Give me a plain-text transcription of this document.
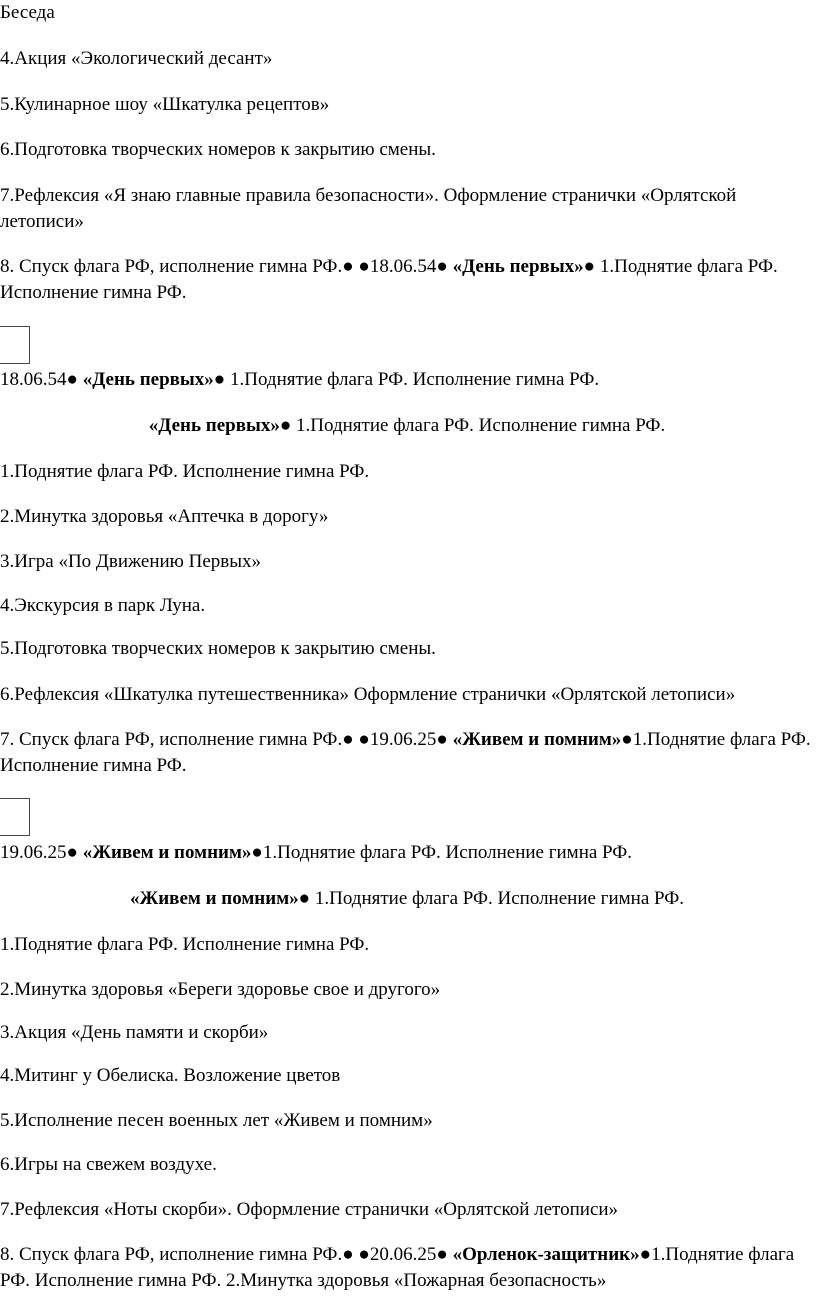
Беседа
4.Акция «Экологический десант»
5.Кулинарное шоу «Шкатулка рецептов»
6.Подготовка творческих номеров к закрытию смены.
7.Рефлексия «Я знаю главные правила безопасности». Оформление странички «Орлятской летописи»
8. Спуск флага РФ, исполнение гимна РФ.● ●18.06.54● «День первых»● 1.Поднятие флага РФ. Исполнение гимна РФ.
18.06.54● «День первых»● 1.Поднятие флага РФ. Исполнение гимна РФ.
«День первых»● 1.Поднятие флага РФ. Исполнение гимна РФ.
1.Поднятие флага РФ. Исполнение гимна РФ.
2.Минутка здоровья «Аптечка в дорогу»
3.Игра «По Движению Первых»
4.Экскурсия в парк Луна.
5.Подготовка творческих номеров к закрытию смены.
6.Рефлексия «Шкатулка путешественника» Оформление странички «Орлятской летописи»
7. Спуск флага РФ, исполнение гимна РФ.● ●19.06.25● «Живем и помним»●1.Поднятие флага РФ. Исполнение гимна РФ.
19.06.25● «Живем и помним»●1.Поднятие флага РФ. Исполнение гимна РФ.
«Живем и помним»● 1.Поднятие флага РФ. Исполнение гимна РФ.
1.Поднятие флага РФ. Исполнение гимна РФ.
2.Минутка здоровья «Береги здоровье свое и другого»
3.Акция «День памяти и скорби»
4.Митинг у Обелиска. Возложение цветов
5.Исполнение песен военных лет «Живем и помним»
6.Игры на свежем воздухе.
7.Рефлексия «Ноты скорби». Оформление странички «Орлятской летописи»
8. Спуск флага РФ, исполнение гимна РФ.● ●20.06.25● «Орленок-защитник»●1.Поднятие флага РФ. Исполнение гимна РФ. 2.Минутка здоровья «Пожарная безопасность»
